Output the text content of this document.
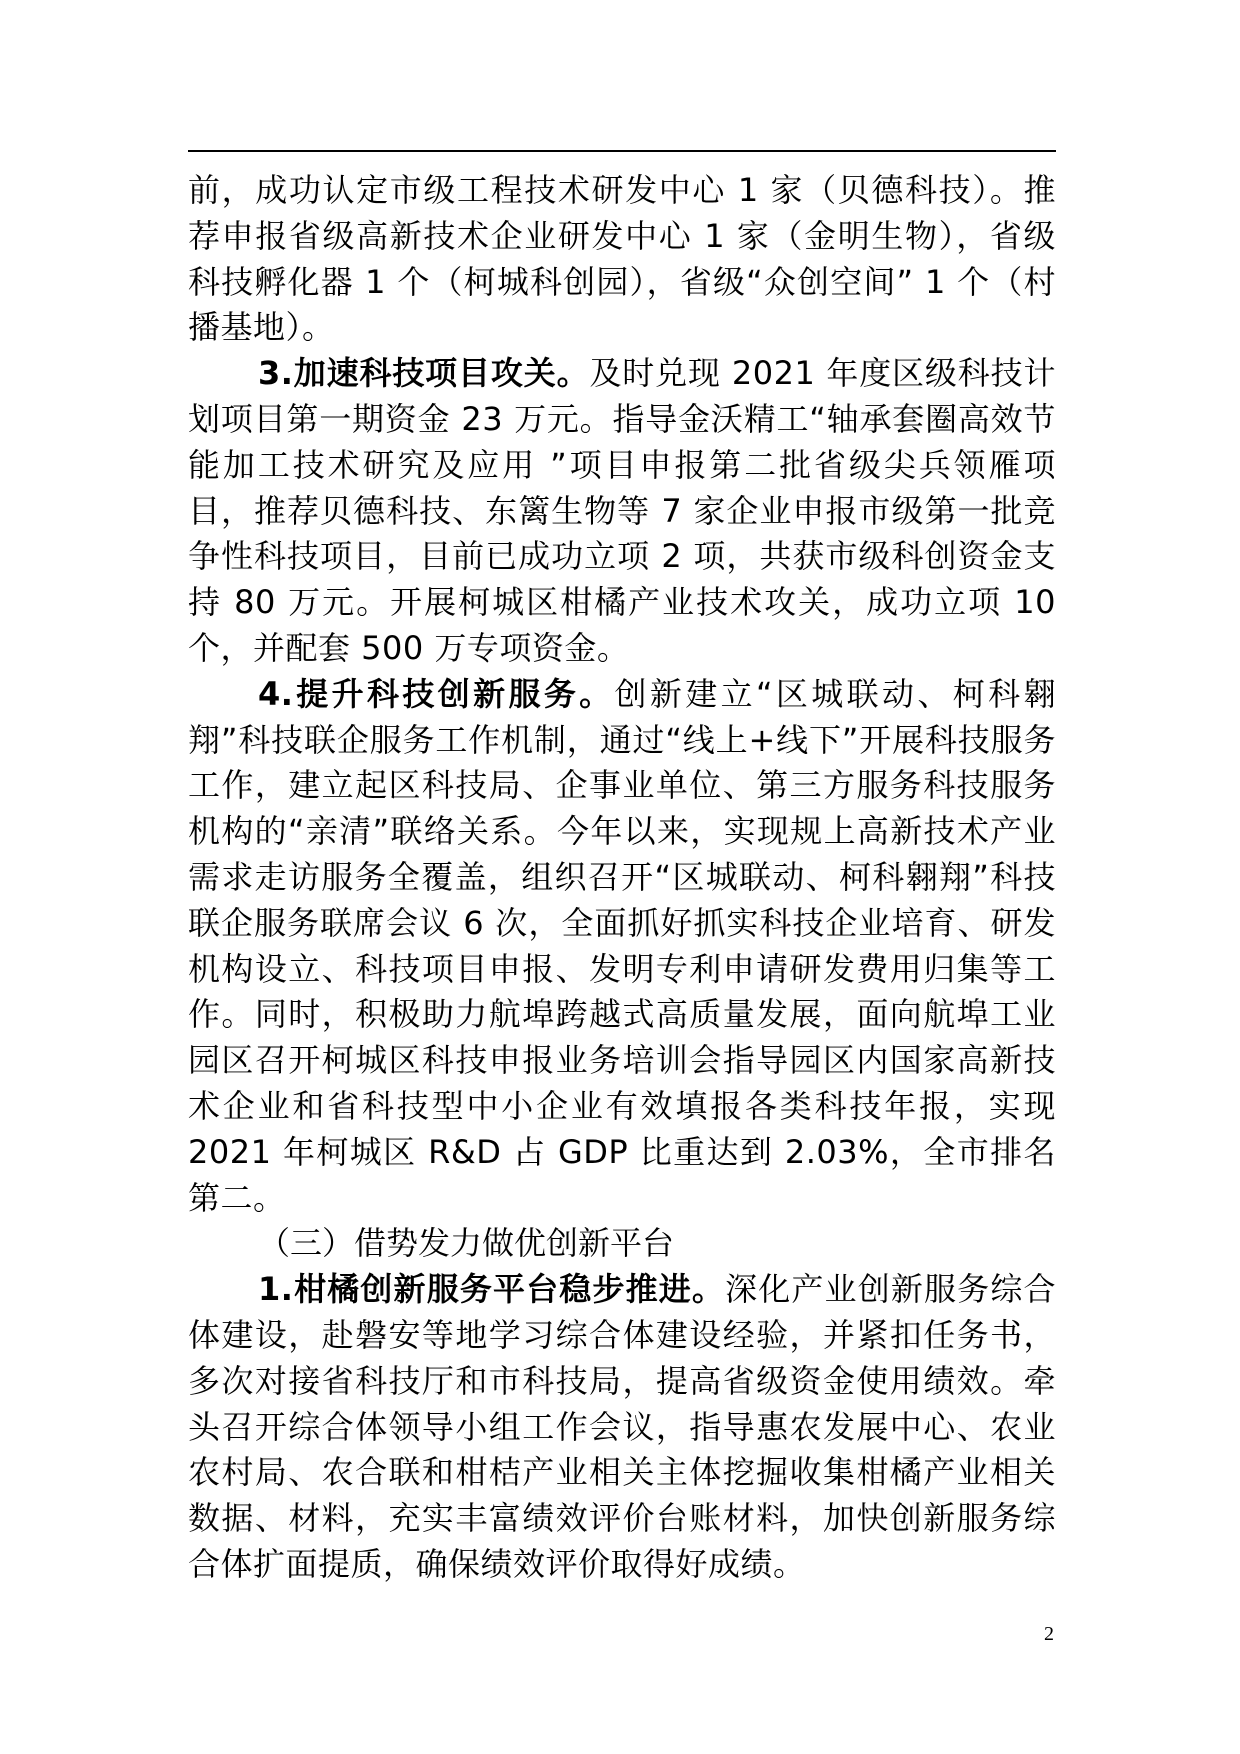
前，成功认定市级工程技术研发中心 1 家（贝德科技）。推荐申报省级高新技术企业研发中心 1 家（金明生物），省级科技孵化器 1 个（柯城科创园），省级“众创空间” 1 个（村播基地）。

3.加速科技项目攻关。及时兑现 2021 年度区级科技计划项目第一期资金 23 万元。指导金沃精工“轴承套圈高效节能加工技术研究及应用 ”项目申报第二批省级尖兵领雁项目，推荐贝德科技、东篱生物等 7 家企业申报市级第一批竞争性科技项目，目前已成功立项 2 项，共获市级科创资金支持 80 万元。开展柯城区柑橘产业技术攻关，成功立项 10 个，并配套 500 万专项资金。

4.提升科技创新服务。创新建立“区城联动、柯科翱翔”科技联企服务工作机制，通过“线上+线下”开展科技服务工作，建立起区科技局、企事业单位、第三方服务科技服务机构的“亲清”联络关系。今年以来，实现规上高新技术产业需求走访服务全覆盖，组织召开“区城联动、柯科翱翔”科技联企服务联席会议 6 次，全面抓好抓实科技企业培育、研发机构设立、科技项目申报、发明专利申请研发费用归集等工作。同时，积极助力航埠跨越式高质量发展，面向航埠工业园区召开柯城区科技申报业务培训会指导园区内国家高新技术企业和省科技型中小企业有效填报各类科技年报，实现 2021 年柯城区 R&D 占 GDP 比重达到 2.03%，全市排名第二。

（三）借势发力做优创新平台

1.柑橘创新服务平台稳步推进。深化产业创新服务综合体建设，赴磐安等地学习综合体建设经验，并紧扣任务书，多次对接省科技厅和市科技局，提高省级资金使用绩效。牵头召开综合体领导小组工作会议，指导惠农发展中心、农业农村局、农合联和柑桔产业相关主体挖掘收集柑橘产业相关数据、材料，充实丰富绩效评价台账材料，加快创新服务综合体扩面提质，确保绩效评价取得好成绩。

2
